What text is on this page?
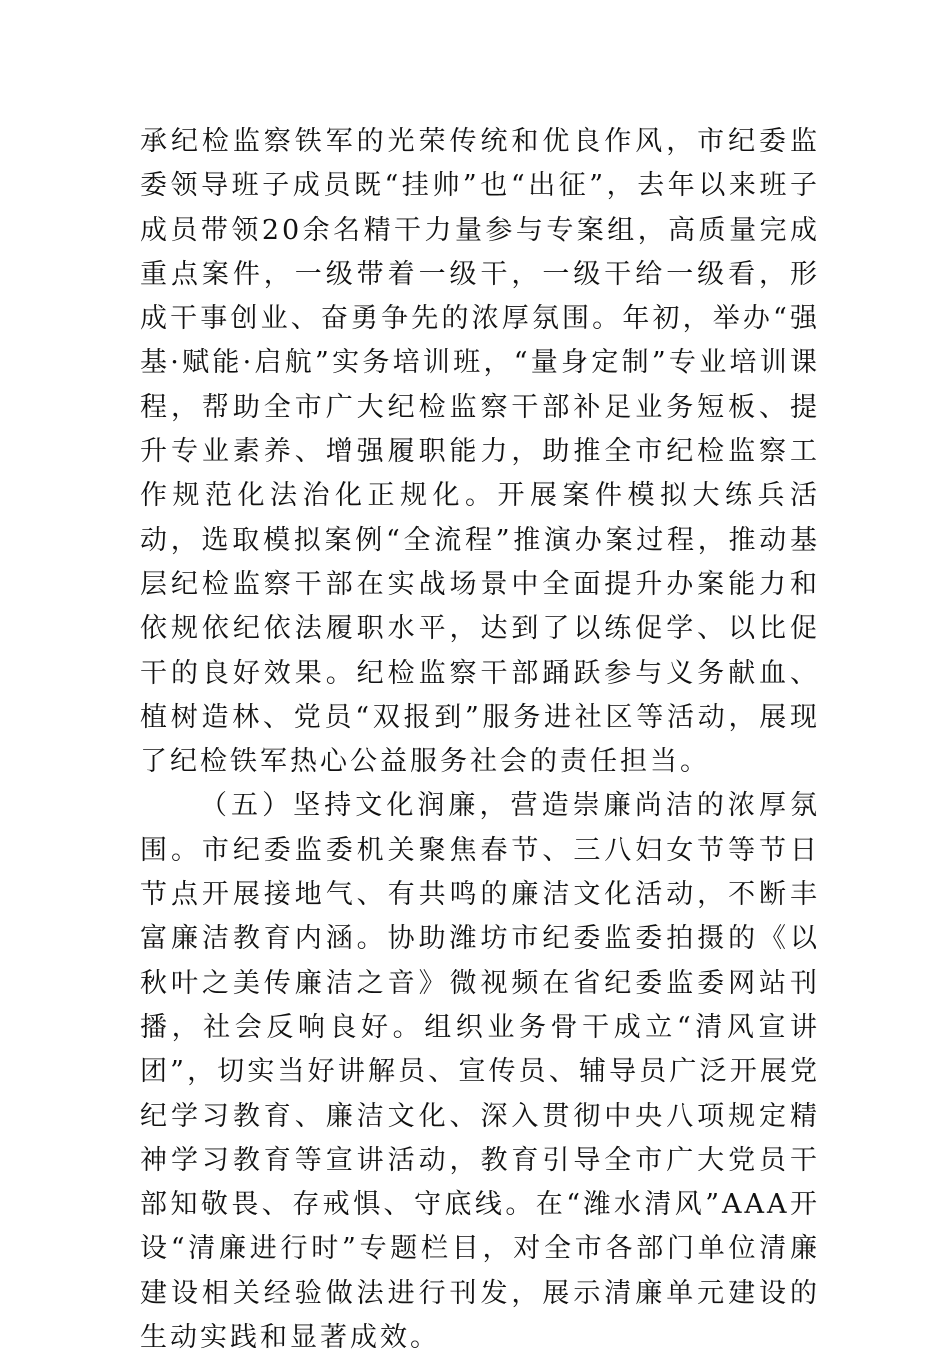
承纪检监察铁军的光荣传统和优良作风，市纪委监委领导班子成员既“挂帅”也“出征”，去年以来班子成员带领20余名精干力量参与专案组，高质量完成重点案件，一级带着一级干，一级干给一级看，形成干事创业、奋勇争先的浓厚氛围。年初，举办“强基·赋能·启航”实务培训班，“量身定制”专业培训课程，帮助全市广大纪检监察干部补足业务短板、提升专业素养、增强履职能力，助推全市纪检监察工作规范化法治化正规化。开展案件模拟大练兵活动，选取模拟案例“全流程”推演办案过程，推动基层纪检监察干部在实战场景中全面提升办案能力和依规依纪依法履职水平，达到了以练促学、以比促干的良好效果。纪检监察干部踊跃参与义务献血、植树造林、党员“双报到”服务进社区等活动，展现了纪检铁军热心公益服务社会的责任担当。

（五）坚持文化润廉，营造崇廉尚洁的浓厚氛围。市纪委监委机关聚焦春节、三八妇女节等节日节点开展接地气、有共鸣的廉洁文化活动，不断丰富廉洁教育内涵。协助潍坊市纪委监委拍摄的《以秋叶之美传廉洁之音》微视频在省纪委监委网站刊播，社会反响良好。组织业务骨干成立“清风宣讲团”，切实当好讲解员、宣传员、辅导员广泛开展党纪学习教育、廉洁文化、深入贯彻中央八项规定精神学习教育等宣讲活动，教育引导全市广大党员干部知敬畏、存戒惧、守底线。在“潍水清风”AAA开设“清廉进行时”专题栏目，对全市各部门单位清廉建设相关经验做法进行刊发，展示清廉单元建设的生动实践和显著成效。
